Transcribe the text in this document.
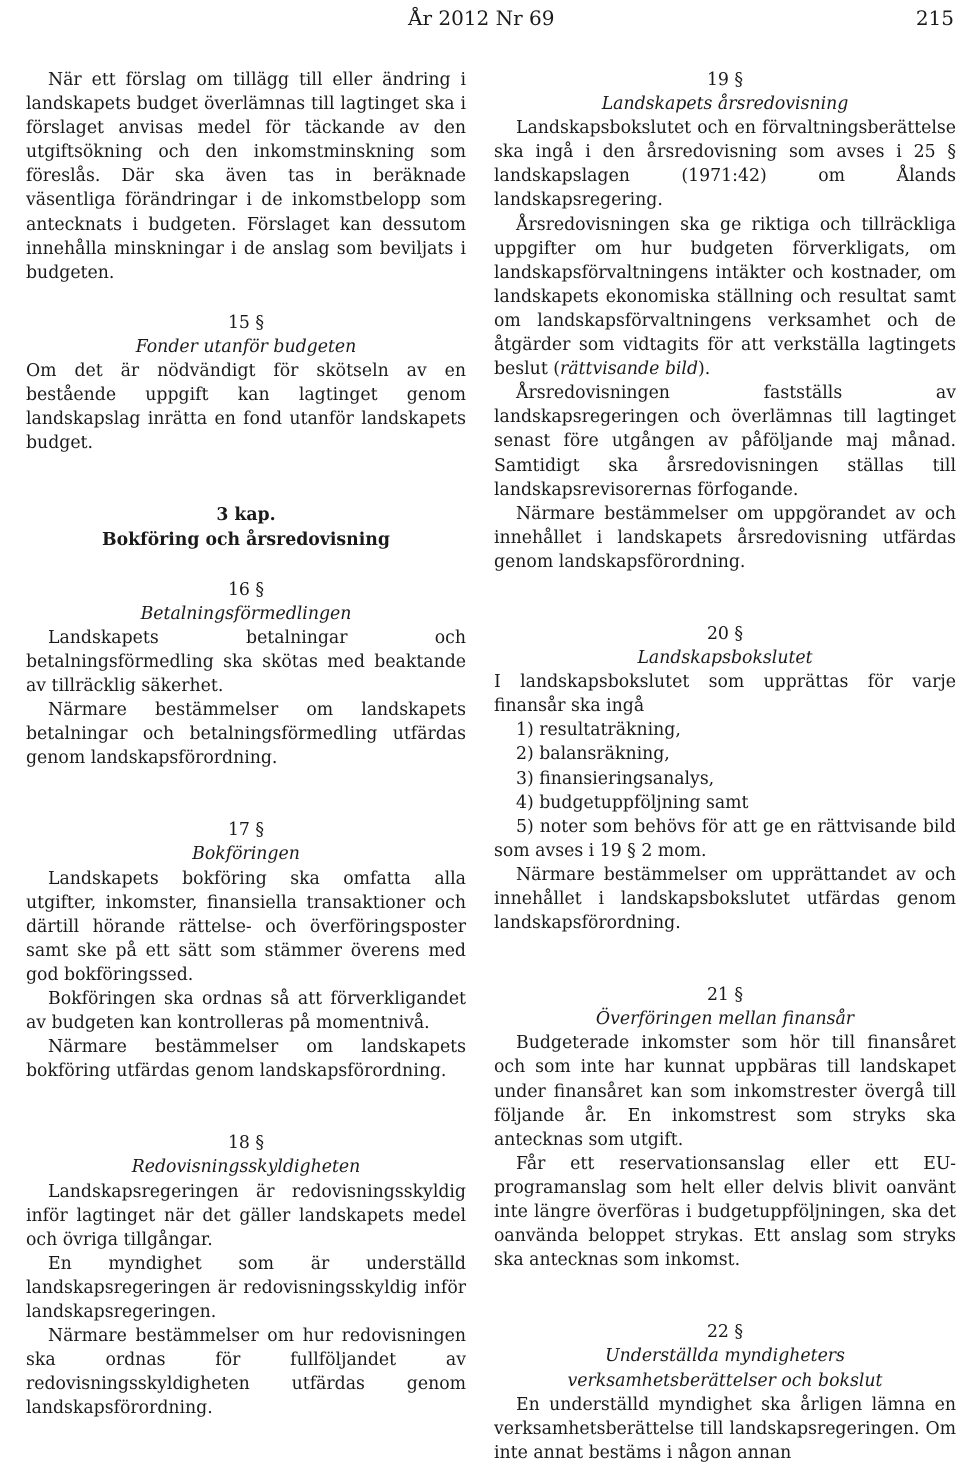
År 2012 Nr 69	215

När ett förslag om tillägg till eller ändring i landskapets budget överlämnas till lagtinget ska i förslaget anvisas medel för täckande av den utgiftsökning och den inkomstminskning som föreslås. Där ska även tas in beräknade väsentliga förändringar i de inkomstbelopp som antecknats i budgeten. Förslaget kan dessutom innehålla minskningar i de anslag som beviljats i budgeten.

15 §
Fonder utanför budgeten

Om det är nödvändigt för skötseln av en bestående uppgift kan lagtinget genom landskapslag inrätta en fond utanför landskapets budget.

3 kap.
Bokföring och årsredovisning
16 §
Betalningsförmedlingen

Landskapets betalningar och betalningsförmedling ska skötas med beaktande av tillräcklig säkerhet.

Närmare bestämmelser om landskapets betalningar och betalningsförmedling utfärdas genom landskapsförordning.

17 §
Bokföringen

Landskapets bokföring ska omfatta alla utgifter, inkomster, finansiella transaktioner och därtill hörande rättelse- och överföringsposter samt ske på ett sätt som stämmer överens med god bokföringssed.

Bokföringen ska ordnas så att förverkligandet av budgeten kan kontrolleras på momentnivå.

Närmare bestämmelser om landskapets bokföring utfärdas genom landskapsförordning.

18 §
Redovisningsskyldigheten

Landskapsregeringen är redovisningsskyldig inför lagtinget när det gäller landskapets medel och övriga tillgångar.

En myndighet som är underställd landskapsregeringen är redovisningsskyldig inför landskapsregeringen.

Närmare bestämmelser om hur redovisningen ska ordnas för fullföljandet av redovisningsskyldigheten utfärdas genom landskapsförordning.

19 §
Landskapets årsredovisning

Landskapsbokslutet och en förvaltningsberättelse ska ingå i den årsredovisning som avses i 25 § landskapslagen (1971:42) om Ålands landskapsregering.

Årsredovisningen ska ge riktiga och tillräckliga uppgifter om hur budgeten förverkligats, om landskapsförvaltningens intäkter och kostnader, om landskapets ekonomiska ställning och resultat samt om landskapsförvaltningens verksamhet och de åtgärder som vidtagits för att verkställa lagtingets beslut (rättvisande bild).

Årsredovisningen fastställs av landskapsregeringen och överlämnas till lagtinget senast före utgången av påföljande maj månad. Samtidigt ska årsredovisningen ställas till landskapsrevisorernas förfogande.

Närmare bestämmelser om uppgörandet av och innehållet i landskapets årsredovisning utfärdas genom landskapsförordning.

20 §
Landskapsbokslutet

I landskapsbokslutet som upprättas för varje finansår ska ingå

1) resultaträkning,

2) balansräkning,

3) finansieringsanalys,

4) budgetuppföljning samt

5) noter som behövs för att ge en rättvisande bild som avses i 19 § 2 mom.

Närmare bestämmelser om upprättandet av och innehållet i landskapsbokslutet utfärdas genom landskapsförordning.

21 §
Överföringen mellan finansår

Budgeterade inkomster som hör till finansåret och som inte har kunnat uppbäras till landskapet under finansåret kan som inkomstrester övergå till följande år. En inkomstrest som stryks ska antecknas som utgift.

Får ett reservationsanslag eller ett EU-programanslag som helt eller delvis blivit oanvänt inte längre överföras i budgetuppföljningen, ska det oanvända beloppet strykas. Ett anslag som stryks ska antecknas som inkomst.

22 §
Underställda myndigheters verksamhetsberättelser och bokslut

En underställd myndighet ska årligen lämna en verksamhetsberättelse till landskapsregeringen. Om inte annat bestäms i någon annan
